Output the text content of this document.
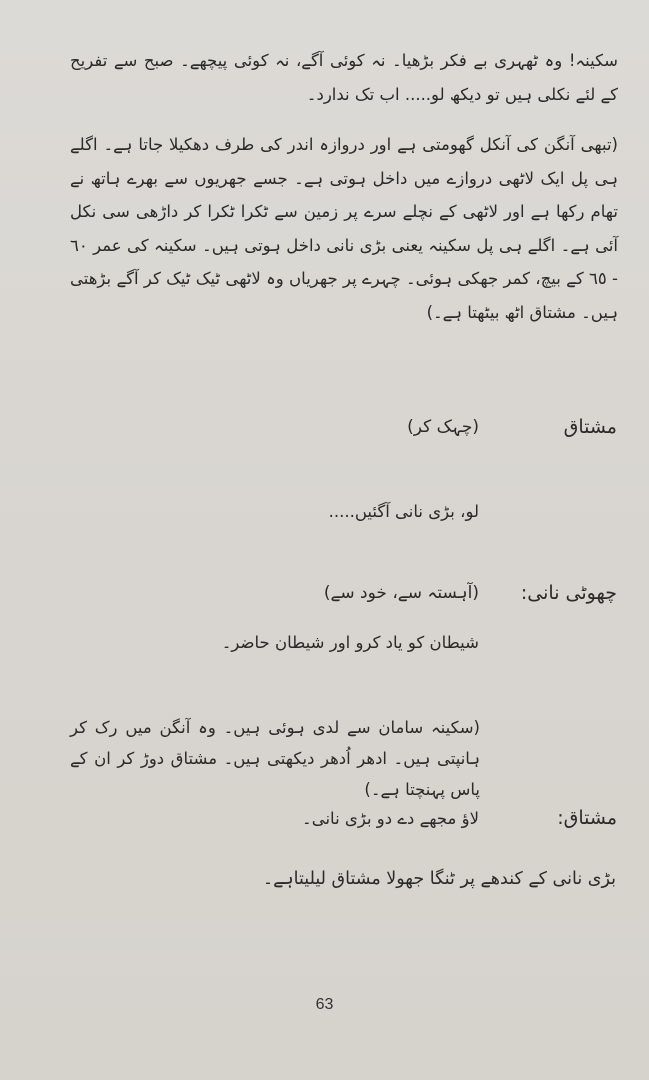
سکینہ! وہ ٹھہری بے فکر بڑھیا۔ نہ کوئی آگے، نہ کوئی پیچھے۔ صبح سے تفریح کے لئے نکلی ہیں تو دیکھ لو..... اب تک ندارد۔

(تبھی آنگن کی آنکل گھومتی ہے اور دروازہ اندر کی طرف دھکیلا جاتا ہے۔ اگلے ہی پل ایک لاٹھی دروازے میں داخل ہوتی ہے۔ جسے جھریوں سے بھرے ہاتھ نے تھام رکھا ہے اور لاٹھی کے نچلے سرے پر زمین سے ٹکرا ٹکرا کر داڑھی سی نکل آئی ہے۔ اگلے ہی پل سکینہ یعنی بڑی نانی داخل ہوتی ہیں۔ سکینہ کی عمر ٦٠ - ٦٥ کے بیچ، کمر جھکی ہوئی۔ چہرے پر جھریاں وہ لاٹھی ٹیک ٹیک کر آگے بڑھتی ہیں۔ مشتاق اٹھ بیٹھتا ہے۔)

مشتاق
(چہک کر)
لو، بڑی نانی آگئیں.....
چھوٹی نانی:
(آہستہ سے، خود سے)
شیطان کو یاد کرو اور شیطان حاضر۔

(سکینہ سامان سے لدی ہوئی ہیں۔ وہ آنگن میں رک کر ہانپتی ہیں۔ ادھر اُدھر دیکھتی ہیں۔ مشتاق دوڑ کر ان کے پاس پہنچتا ہے۔)

مشتاق:
لاؤ مجھے دے دو بڑی نانی۔

بڑی نانی کے کندھے پر ٹنگا جھولا مشتاق لیلیتاہے۔

63
